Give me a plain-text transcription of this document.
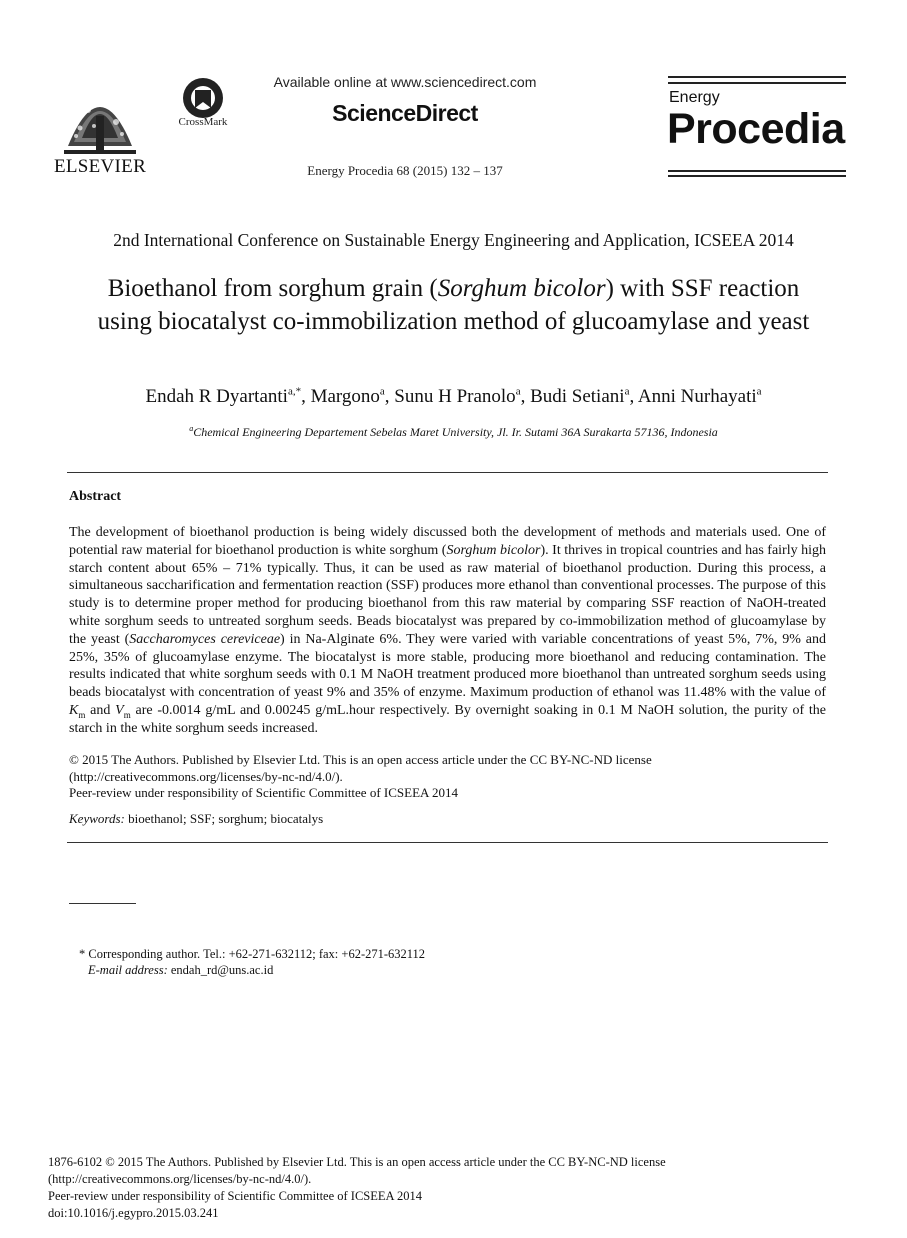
ELSEVIER
CrossMark
Available online at www.sciencedirect.com
ScienceDirect
Energy Procedia 68 (2015) 132 – 137
Energy
Procedia
2nd International Conference on Sustainable Energy Engineering and Application, ICSEEA 2014
Bioethanol from sorghum grain (Sorghum bicolor) with SSF reaction using biocatalyst co-immobilization method of glucoamylase and yeast
Endah R Dyartanti$^{a,*}$, Margono$^a$, Sunu H Pranolo$^a$, Budi Setiani$^a$, Anni Nurhayati$^a$
$^a$Chemical Engineering Departement Sebelas Maret University, Jl. Ir. Sutami 36A Surakarta 57136, Indonesia
Abstract
The development of bioethanol production is being widely discussed both the development of methods and materials used. One of potential raw material for bioethanol production is white sorghum (Sorghum bicolor). It thrives in tropical countries and has fairly high starch content about 65% – 71% typically. Thus, it can be used as raw material of bioethanol production. During this process, a simultaneous saccharification and fermentation reaction (SSF) produces more ethanol than conventional processes. The purpose of this study is to determine proper method for producing bioethanol from this raw material by comparing SSF reaction of NaOH-treated white sorghum seeds to untreated sorghum seeds. Beads biocatalyst was prepared by co-immobilization method of glucoamylase by the yeast (Saccharomyces cereviceae) in Na-Alginate 6%. They were varied with variable concentrations of yeast 5%, 7%, 9% and 25%, 35% of glucoamylase enzyme. The biocatalyst is more stable, producing more bioethanol and reducing contamination. The results indicated that white sorghum seeds with 0.1 M NaOH treatment produced more bioethanol than untreated sorghum seeds using beads biocatalyst with concentration of yeast 9% and 35% of enzyme. Maximum production of ethanol was 11.48% with the value of $K_m$ and $V_m$ are -0.0014 g/mL and 0.00245 g/mL.hour respectively. By overnight soaking in 0.1 M NaOH solution, the purity of the starch in the white sorghum seeds increased.
© 2015 The Authors. Published by Elsevier Ltd. This is an open access article under the CC BY-NC-ND license
(http://creativecommons.org/licenses/by-nc-nd/4.0/).
Peer-review under responsibility of Scientific Committee of ICSEEA 2014
Keywords: bioethanol; SSF; sorghum; biocatalys
* Corresponding author. Tel.: +62-271-632112; fax: +62-271-632112
E-mail address: endah_rd@uns.ac.id
1876-6102 © 2015 The Authors. Published by Elsevier Ltd. This is an open access article under the CC BY-NC-ND license
(http://creativecommons.org/licenses/by-nc-nd/4.0/).
Peer-review under responsibility of Scientific Committee of ICSEEA 2014
doi:10.1016/j.egypro.2015.03.241
